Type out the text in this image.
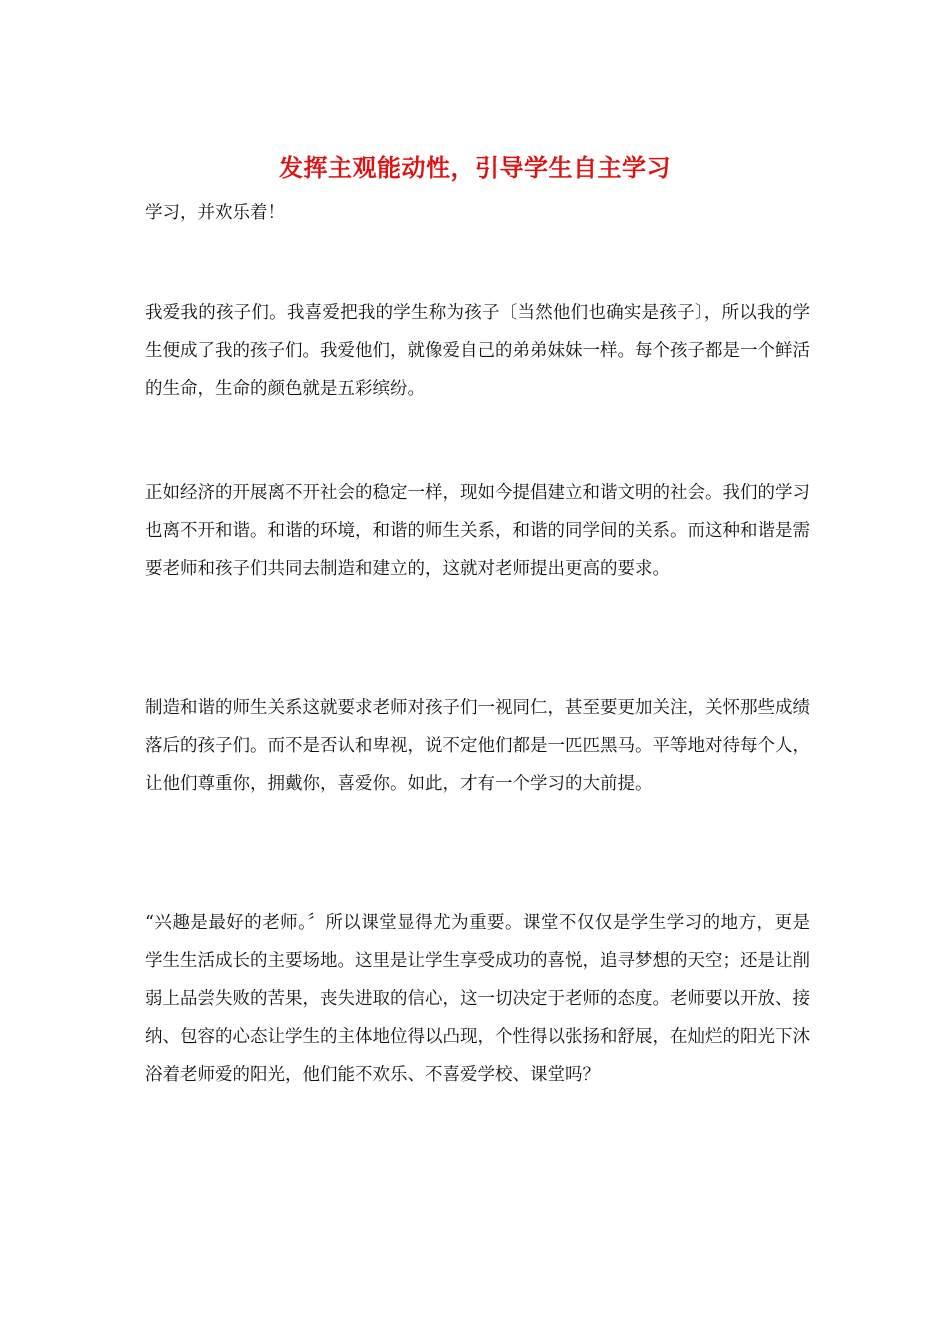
发挥主观能动性，引导学生自主学习

学习，并欢乐着！

我爱我的孩子们。我喜爱把我的学生称为孩子〔当然他们也确实是孩子〕，所以我的学生便成了我的孩子们。我爱他们，就像爱自己的弟弟妹妹一样。每个孩子都是一个鲜活的生命，生命的颜色就是五彩缤纷。

正如经济的开展离不开社会的稳定一样，现如今提倡建立和谐文明的社会。我们的学习也离不开和谐。和谐的环境，和谐的师生关系，和谐的同学间的关系。而这种和谐是需要老师和孩子们共同去制造和建立的，这就对老师提出更高的要求。

制造和谐的师生关系这就要求老师对孩子们一视同仁，甚至要更加关注，关怀那些成绩落后的孩子们。而不是否认和卑视，说不定他们都是一匹匹黑马。平等地对待每个人，让他们尊重你，拥戴你，喜爱你。如此，才有一个学习的大前提。

“兴趣是最好的老师。〞所以课堂显得尤为重要。课堂不仅仅是学生学习的地方，更是学生生活成长的主要场地。这里是让学生享受成功的喜悦，追寻梦想的天空；还是让削弱上品尝失败的苦果，丧失进取的信心，这一切决定于老师的态度。老师要以开放、接纳、包容的心态让学生的主体地位得以凸现，个性得以张扬和舒展，在灿烂的阳光下沐浴着老师爱的阳光，他们能不欢乐、不喜爱学校、课堂吗？
